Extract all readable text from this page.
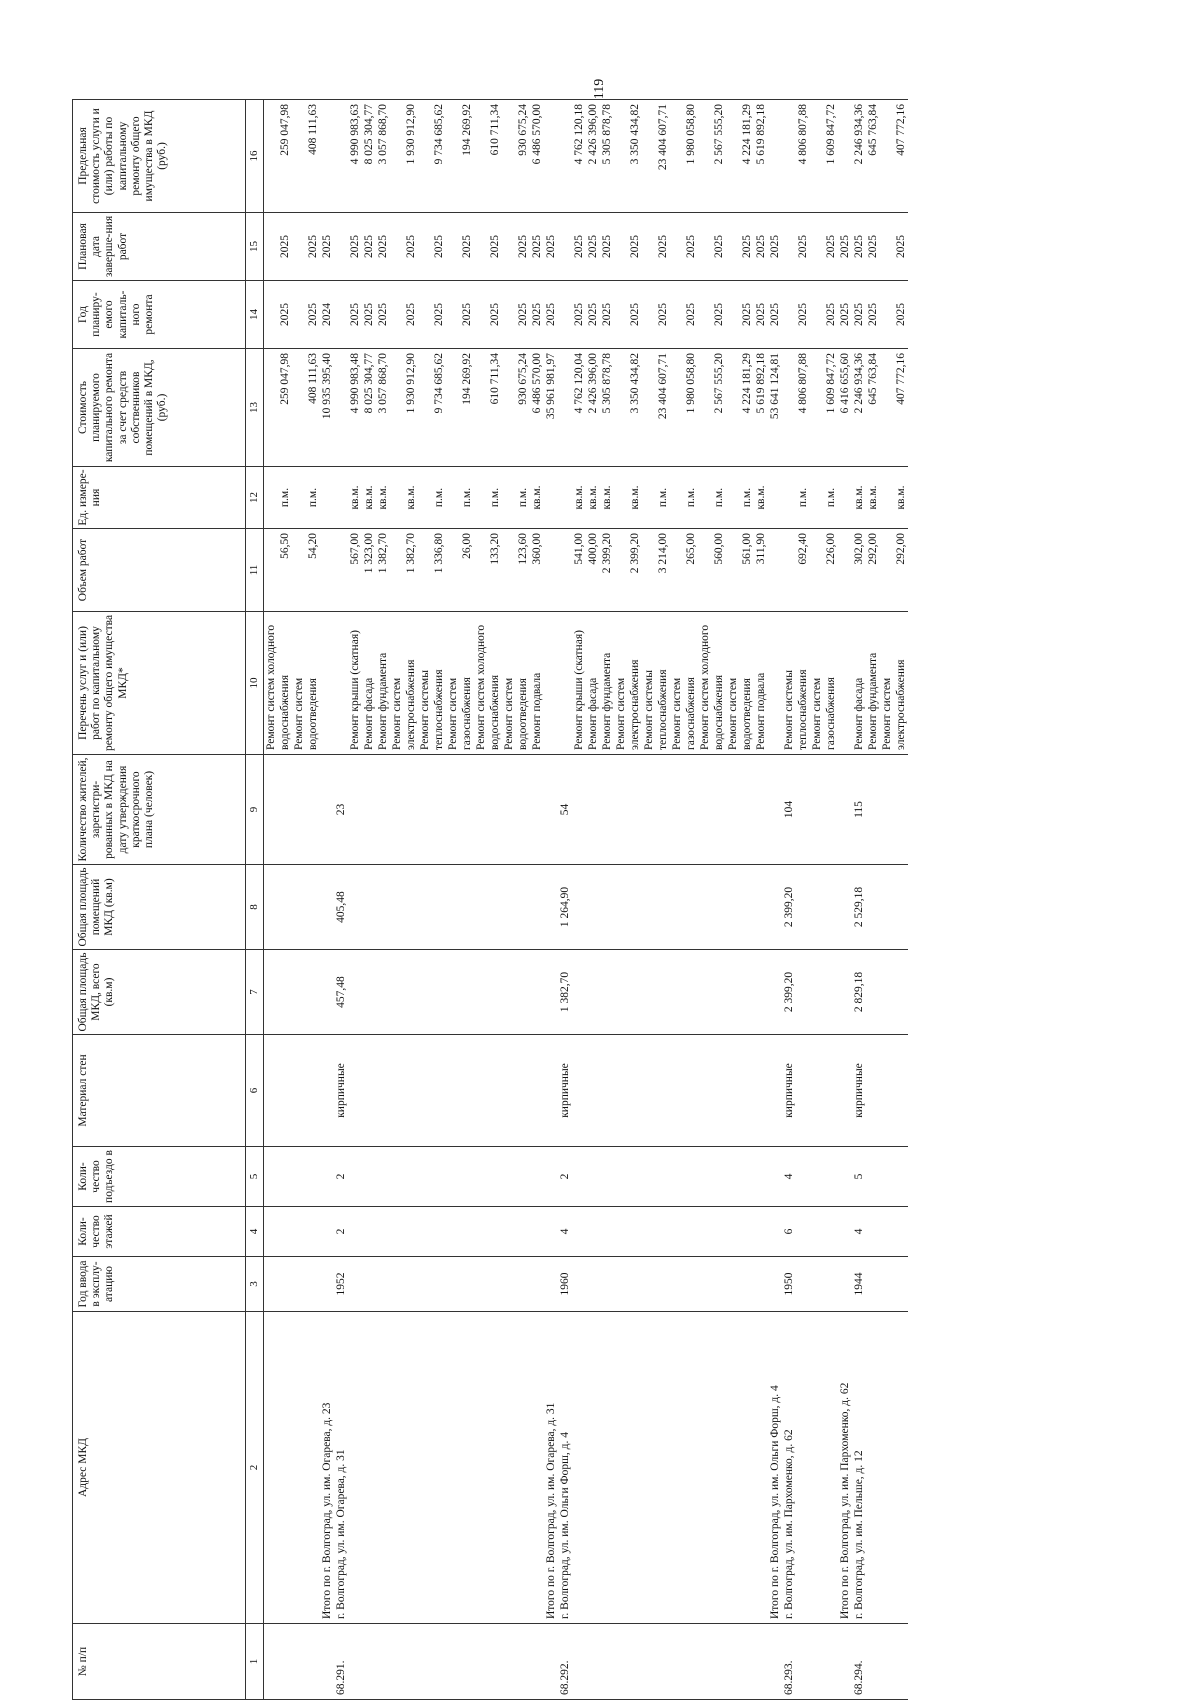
119
№ п/п	Адрес МКД	Год ввода в эксплу-атацию	Коли-чество этажей	Коли-чество подъездо в	Материал стен	Общая площадь МКД, всего (кв.м)	Общая площадь помещений МКД (кв.м)	Количество жителей, зарегистри-рованных в МКД на дату утверждения краткосрочного плана (человек)	Перечень услуг и (или) работ по капитальному ремонту общего имущества МКД*	Объем работ	Ед. измере-ния	Стоимость планируемого капитального ремонта за счет средств собственников помещений в МКД, (руб.)	Год планиру-емого капиталь-ного ремонта	Плановая дата заверше-ния работ	Предельная стоимость услуги и (или) работы по капитальному ремонту общего имущества в МКД (руб.)
1	2	3	4	5	6	7	8	9	10	11	12	13	14	15	16
									Ремонт систем холодного						
									водоснабжения	56,50	п.м.	259 047,98	2025	2025	259 047,98
									Ремонт систем						
									водоотведения	54,20	п.м.	408 111,63	2025	2025	408 111,63
	Итого по г. Волгоград, ул. им. Огарева, д. 23											10 935 395,40	2024	2025	
68.291.	г. Волгоград, ул. им. Огарева, д. 31	1952	2	2	кирпичные	457,48	405,48	23							

									Ремонт крыши (скатная)	567,00	кв.м.	4 990 983,48	2025	2025	4 990 983,63

									Ремонт фасада	1 323,00	кв.м.	8 025 304,77	2025	2025	8 025 304,77

									Ремонт фундамента	1 382,70	кв.м.	3 057 868,70	2025	2025	3 057 868,70
									Ремонт систем						
									электроснабжения	1 382,70	кв.м.	1 930 912,90	2025	2025	1 930 912,90
									Ремонт системы						
									теплоснабжения	1 336,80	п.м.	9 734 685,62	2025	2025	9 734 685,62
									Ремонт систем						
									газоснабжения	26,00	п.м.	194 269,92	2025	2025	194 269,92
									Ремонт систем холодного						
									водоснабжения	133,20	п.м.	610 711,34	2025	2025	610 711,34
									Ремонт систем						
									водоотведения	123,60	п.м.	930 675,24	2025	2025	930 675,24

									Ремонт подвала	360,00	кв.м.	6 486 570,00	2025	2025	6 486 570,00
	Итого по г. Волгоград, ул. им. Огарева, д. 31											35 961 981,97	2025	2025	
68.292.	г. Волгоград, ул. им. Ольги Форш, д. 4	1960	4	2	кирпичные	1 382,70	1 264,90	54							
									Ремонт крыши (скатная)	541,00	кв.м.	4 762 120,04	2025	2025	4 762 120,18

									Ремонт фасада	400,00	кв.м.	2 426 396,00	2025	2025	2 426 396,00

									Ремонт фундамента	2 399,20	кв.м.	5 305 878,78	2025	2025	5 305 878,78
									Ремонт систем						
									электроснабжения	2 399,20	кв.м.	3 350 434,82	2025	2025	3 350 434,82
									Ремонт системы						
									теплоснабжения	3 214,00	п.м.	23 404 607,71	2025	2025	23 404 607,71
									Ремонт систем						
									газоснабжения	265,00	п.м.	1 980 058,80	2025	2025	1 980 058,80
									Ремонт систем холодного						
									водоснабжения	560,00	п.м.	2 567 555,20	2025	2025	2 567 555,20
									Ремонт систем						
									водоотведения	561,00	п.м.	4 224 181,29	2025	2025	4 224 181,29

									Ремонт подвала	311,90	кв.м.	5 619 892,18	2025	2025	5 619 892,18
	Итого по г. Волгоград, ул. им. Ольги Форш, д. 4											53 641 124,81	2025	2025	
68.293.	г. Волгоград, ул. им. Пархоменко, д. 62	1950	6	4	кирпичные	2 399,20	2 399,20	104	Ремонт системы						
									теплоснабжения	692,40	п.м.	4 806 807,88	2025	2025	4 806 807,88
									Ремонт систем						
									газоснабжения	226,00	п.м.	1 609 847,72	2025	2025	1 609 847,72
	Итого по г. Волгоград, ул. им. Пархоменко, д. 62											6 416 655,60	2025	2025	
68.294.	г. Волгоград, ул. им. Пельше, д. 12	1944	4	5	кирпичные	2 829,18	2 529,18	115	Ремонт фасада	302,00	кв.м.	2 246 934,36	2025	2025	2 246 934,36
									Ремонт фундамента	292,00	кв.м.	645 763,84	2025	2025	645 763,84
									Ремонт систем						
									электроснабжения	292,00	кв.м.	407 772,16	2025	2025	407 772,16
